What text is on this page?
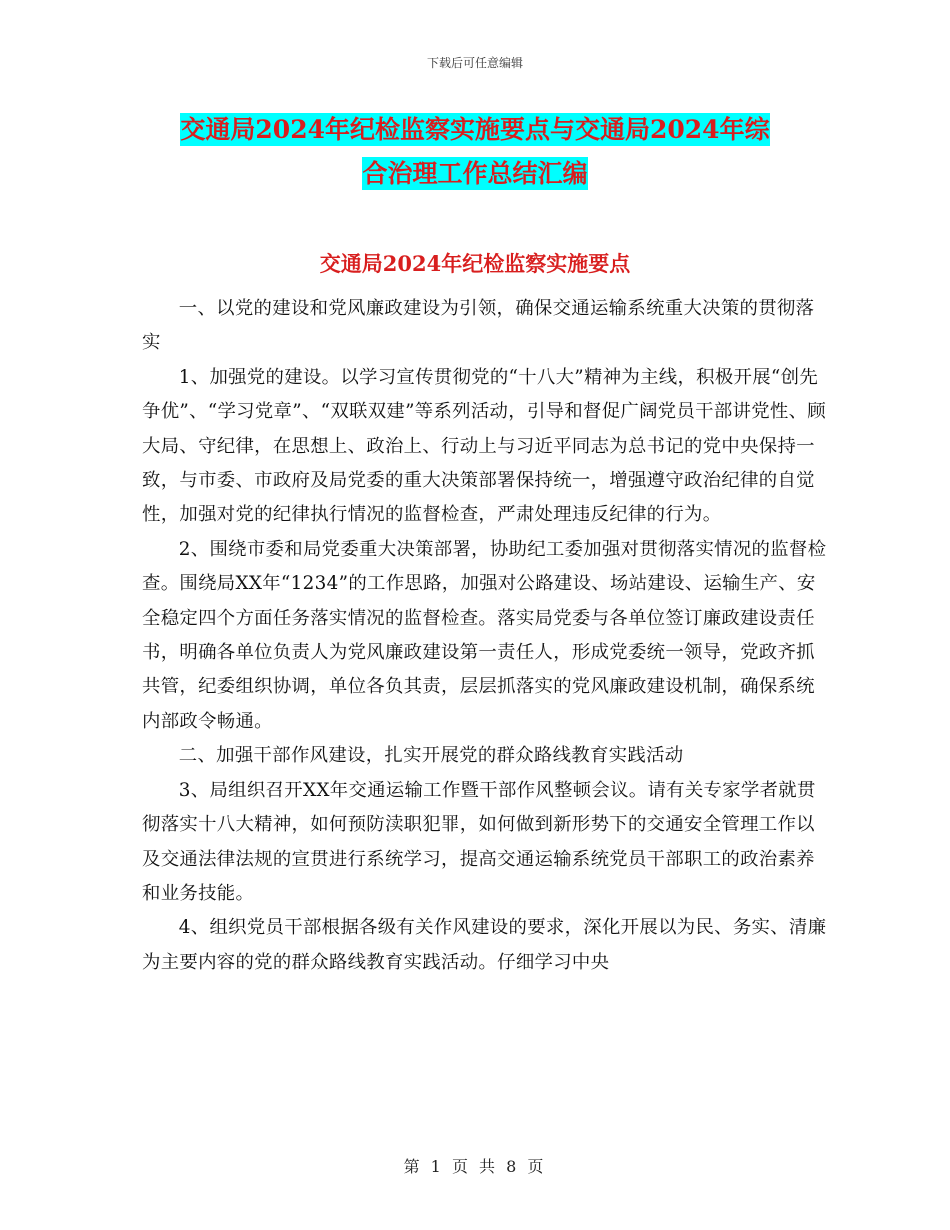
下载后可任意编辑
交通局2024年纪检监察实施要点与交通局2024年综
合治理工作总结汇编
交通局2024年纪检监察实施要点

一、以党的建设和党风廉政建设为引领，确保交通运输系统重大决策的贯彻落实

1、加强党的建设。以学习宣传贯彻党的“十八大”精神为主线，积极开展“创先争优”、“学习党章”、“双联双建”等系列活动，引导和督促广阔党员干部讲党性、顾大局、守纪律，在思想上、政治上、行动上与习近平同志为总书记的党中央保持一致，与市委、市政府及局党委的重大决策部署保持统一，增强遵守政治纪律的自觉性，加强对党的纪律执行情况的监督检查，严肃处理违反纪律的行为。

2、围绕市委和局党委重大决策部署，协助纪工委加强对贯彻落实情况的监督检查。围绕局XX年“1234”的工作思路，加强对公路建设、场站建设、运输生产、安全稳定四个方面任务落实情况的监督检查。落实局党委与各单位签订廉政建设责任书，明确各单位负责人为党风廉政建设第一责任人，形成党委统一领导，党政齐抓共管，纪委组织协调，单位各负其责，层层抓落实的党风廉政建设机制，确保系统内部政令畅通。

二、加强干部作风建设，扎实开展党的群众路线教育实践活动

3、局组织召开XX年交通运输工作暨干部作风整顿会议。请有关专家学者就贯彻落实十八大精神，如何预防渎职犯罪，如何做到新形势下的交通安全管理工作以及交通法律法规的宣贯进行系统学习，提高交通运输系统党员干部职工的政治素养和业务技能。

4、组织党员干部根据各级有关作风建设的要求，深化开展以为民、务实、清廉为主要内容的党的群众路线教育实践活动。仔细学习中央

第 1 页 共 8 页
